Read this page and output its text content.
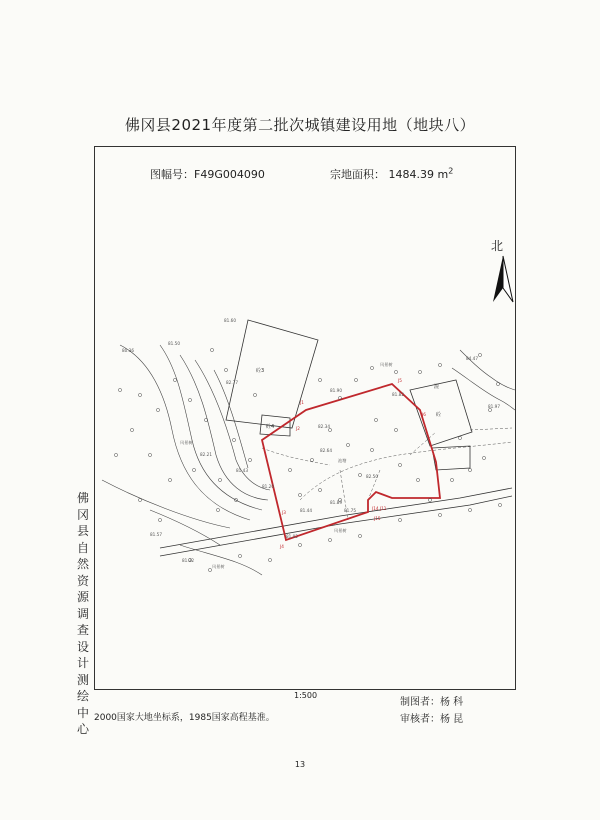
佛冈县2021年度第二批次城镇建设用地（地块八）
图幅号：F49G004090	宗地面积： 1484.39 $m^2$
北
佛冈县自然资源调查设计测绘中心
砼3
砼4
混
砼
池塘
风景树
风景树
风景树
风景树
J1
J2
J3
J4
J5
J6
J15
J14 J11
81.60
81.50
82.77
82.34
81.90
82.64
81.43
82.50
81.20
84.47
81.82
81.97
81.89
81.75
81.02
81.44
81.32
80.36
82.21
81.57
1:500
2000国家大地坐标系，1985国家高程基准。
制图者：杨 科
审核者：杨 昆
13
